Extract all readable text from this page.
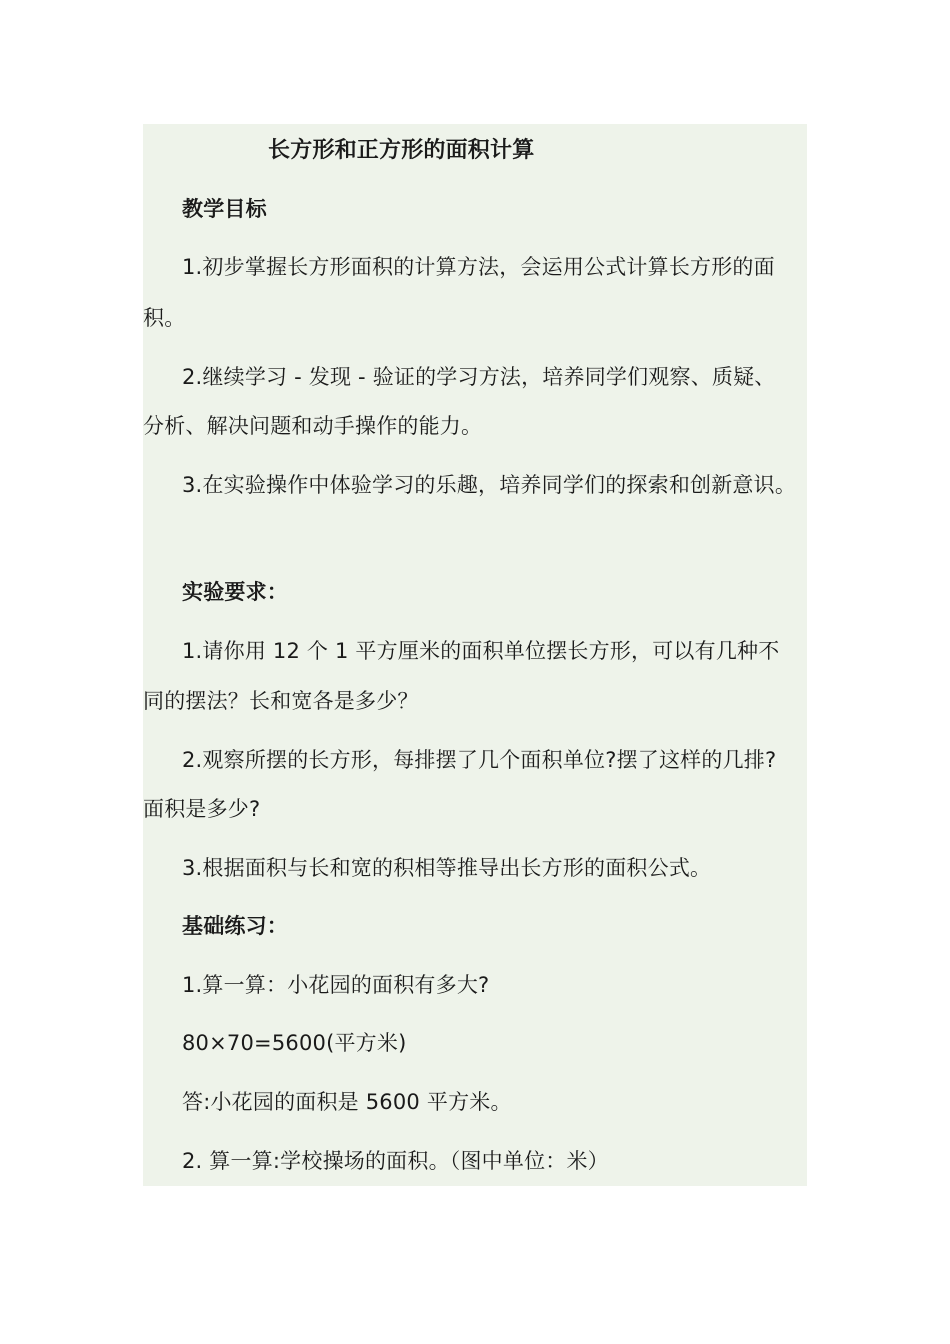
长方形和正方形的面积计算
教学目标
1.初步掌握长方形面积的计算方法，会运用公式计算长方形的面
积。
2.继续学习 - 发现 - 验证的学习方法，培养同学们观察、质疑、
分析、解决问题和动手操作的能力。
3.在实验操作中体验学习的乐趣，培养同学们的探索和创新意识。
实验要求：
1.请你用 12 个 1 平方厘米的面积单位摆长方形，可以有几种不
同的摆法？长和宽各是多少？
2.观察所摆的长方形，每排摆了几个面积单位?摆了这样的几排?
面积是多少?
3.根据面积与长和宽的积相等推导出长方形的面积公式。
基础练习：
1.算一算：小花园的面积有多大?
80×70=5600(平方米)
答:小花园的面积是 5600 平方米。
2. 算一算:学校操场的面积。（图中单位：米）
